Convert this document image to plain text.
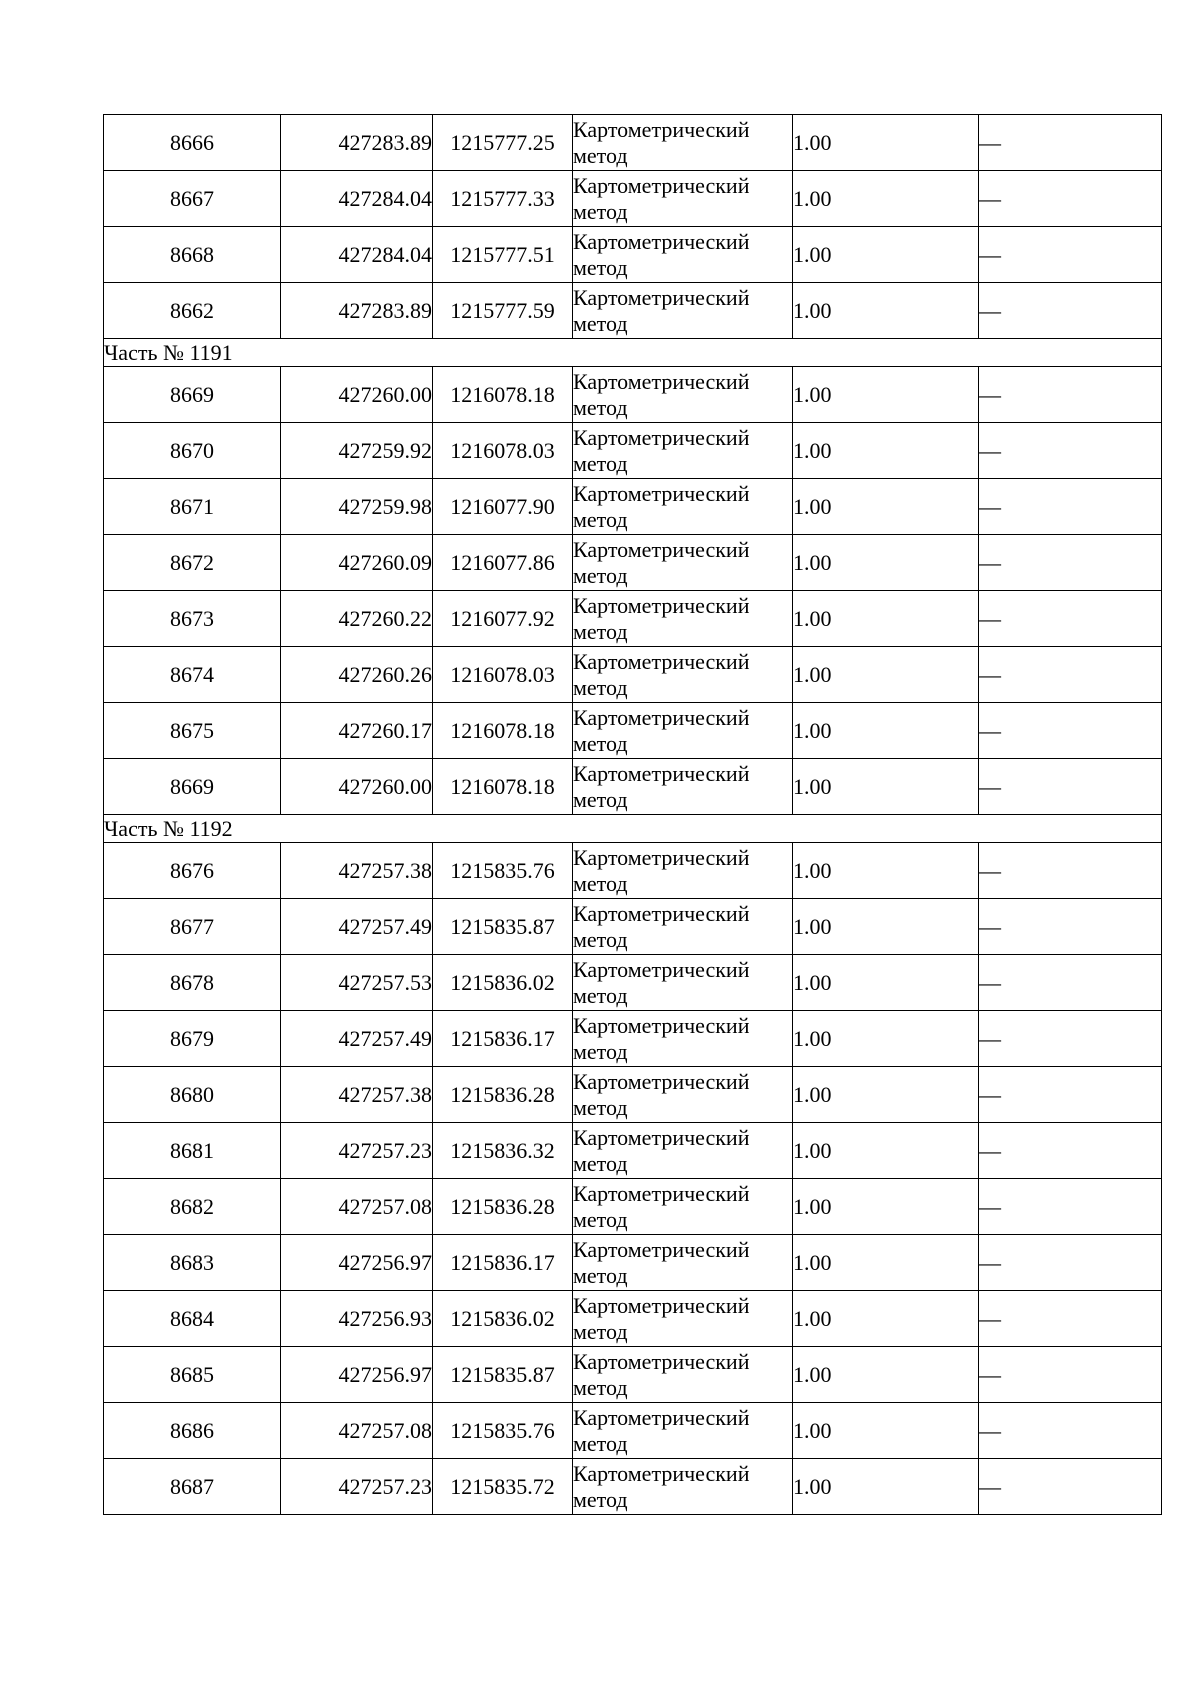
8666	427283.89	1215777.25	Картометрический метод	1.00	—
8667	427284.04	1215777.33	Картометрический метод	1.00	—
8668	427284.04	1215777.51	Картометрический метод	1.00	—
8662	427283.89	1215777.59	Картометрический метод	1.00	—
Часть № 1191					
8669	427260.00	1216078.18	Картометрический метод	1.00	—
8670	427259.92	1216078.03	Картометрический метод	1.00	—
8671	427259.98	1216077.90	Картометрический метод	1.00	—
8672	427260.09	1216077.86	Картометрический метод	1.00	—
8673	427260.22	1216077.92	Картометрический метод	1.00	—
8674	427260.26	1216078.03	Картометрический метод	1.00	—
8675	427260.17	1216078.18	Картометрический метод	1.00	—
8669	427260.00	1216078.18	Картометрический метод	1.00	—
Часть № 1192					
8676	427257.38	1215835.76	Картометрический метод	1.00	—
8677	427257.49	1215835.87	Картометрический метод	1.00	—
8678	427257.53	1215836.02	Картометрический метод	1.00	—
8679	427257.49	1215836.17	Картометрический метод	1.00	—
8680	427257.38	1215836.28	Картометрический метод	1.00	—
8681	427257.23	1215836.32	Картометрический метод	1.00	—
8682	427257.08	1215836.28	Картометрический метод	1.00	—
8683	427256.97	1215836.17	Картометрический метод	1.00	—
8684	427256.93	1215836.02	Картометрический метод	1.00	—
8685	427256.97	1215835.87	Картометрический метод	1.00	—
8686	427257.08	1215835.76	Картометрический метод	1.00	—
8687	427257.23	1215835.72	Картометрический метод	1.00	—
